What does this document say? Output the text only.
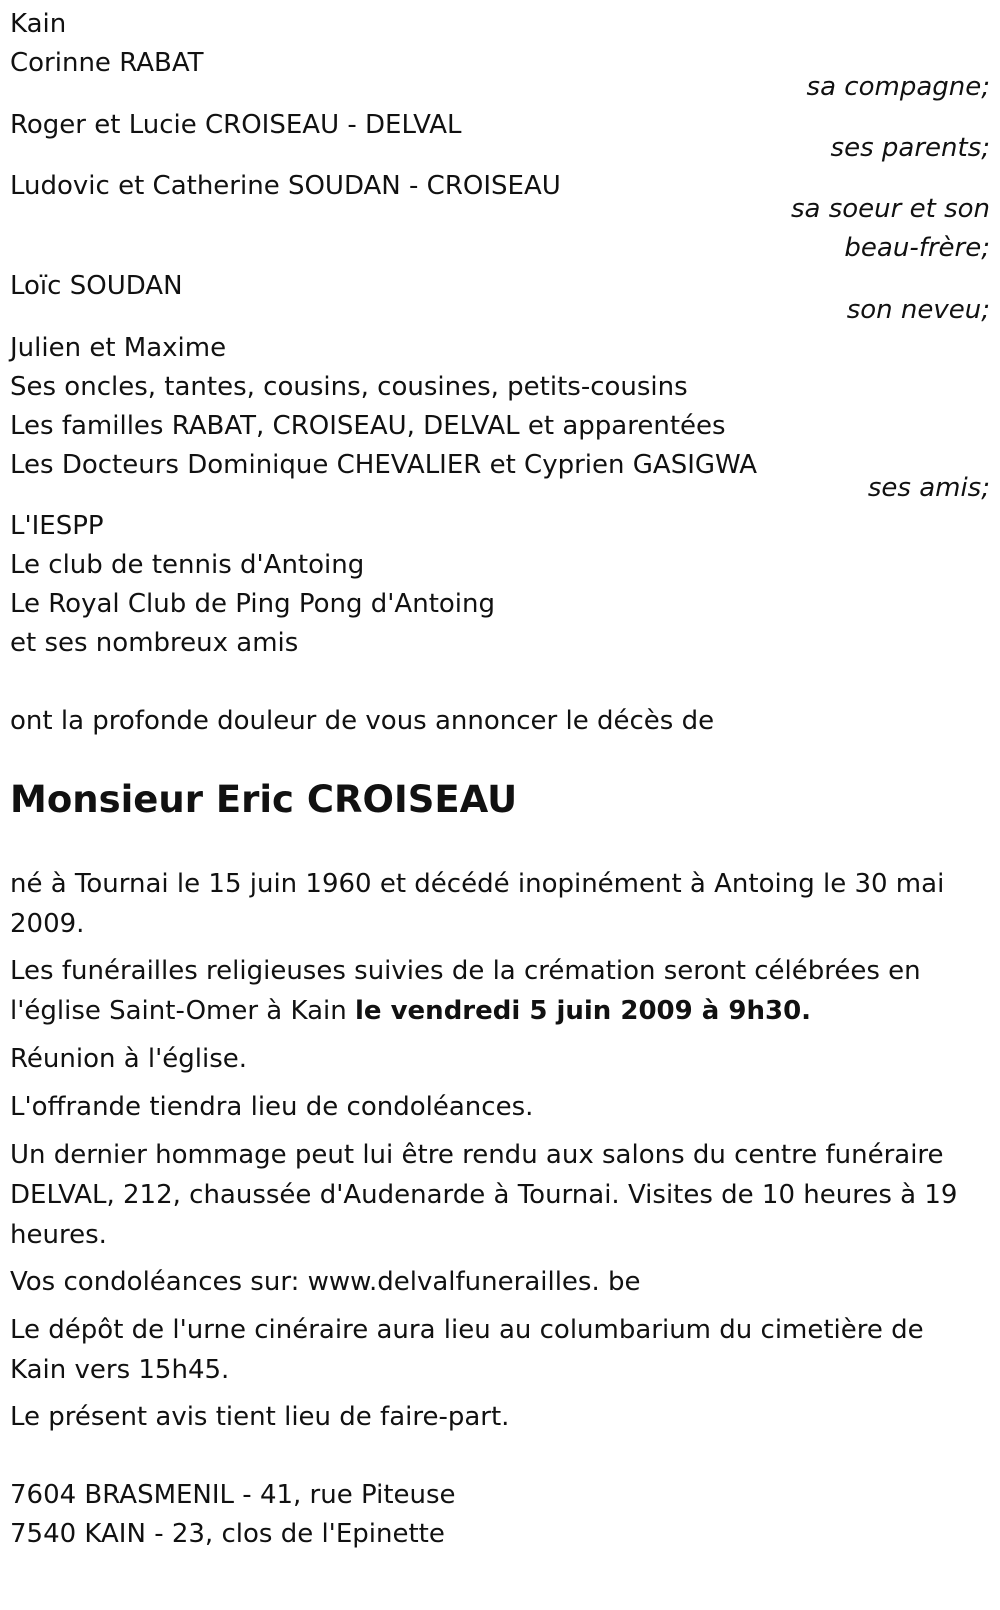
Kain
Corinne RABAT
sa compagne;
Roger et Lucie CROISEAU - DELVAL
ses parents;
Ludovic et Catherine SOUDAN - CROISEAU
sa soeur et son
beau-frère;
Loïc SOUDAN
son neveu;
Julien et Maxime
Ses oncles, tantes, cousins, cousines, petits-cousins
Les familles RABAT, CROISEAU, DELVAL et apparentées
Les Docteurs Dominique CHEVALIER et Cyprien GASIGWA
ses amis;
L'IESPP
Le club de tennis d'Antoing
Le Royal Club de Ping Pong d'Antoing
et ses nombreux amis
ont la profonde douleur de vous annoncer le décès de
Monsieur Eric CROISEAU
né à Tournai le 15 juin 1960 et décédé inopinément à Antoing le 30 mai 2009.
Les funérailles religieuses suivies de la crémation seront célébrées en l'église Saint-Omer à Kain le vendredi 5 juin 2009 à 9h30.
Réunion à l'église.
L'offrande tiendra lieu de condoléances.
Un dernier hommage peut lui être rendu aux salons du centre funéraire DELVAL, 212, chaussée d'Audenarde à Tournai. Visites de 10 heures à 19 heures.
Vos condoléances sur: www.delvalfunerailles. be
Le dépôt de l'urne cinéraire aura lieu au columbarium du cimetière de Kain vers 15h45.
Le présent avis tient lieu de faire-part.
7604 BRASMENIL - 41, rue Piteuse
7540 KAIN - 23, clos de l'Epinette
